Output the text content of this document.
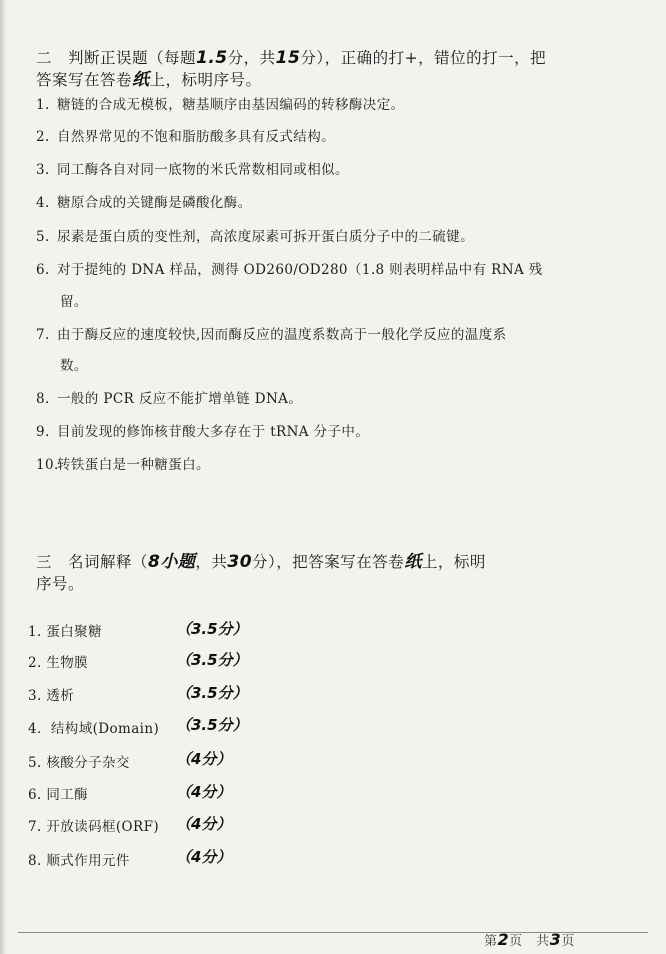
二　判断正误题（每题1.5分，共15分），正确的打+，错位的打一，把
答案写在答卷纸上，标明序号。
1. 糖链的合成无模板，糖基顺序由基因编码的转移酶决定。
2. 自然界常见的不饱和脂肪酸多具有反式结构。
3. 同工酶各自对同一底物的米氏常数相同或相似。
4. 糖原合成的关键酶是磷酸化酶。
5. 尿素是蛋白质的变性剂，高浓度尿素可拆开蛋白质分子中的二硫键。
6. 对于提纯的 DNA 样品，测得 OD260/OD280（1.8 则表明样品中有 RNA 残
留。
7. 由于酶反应的速度较快,因而酶反应的温度系数高于一般化学反应的温度系
数。
8. 一般的 PCR 反应不能扩增单链 DNA。
9. 目前发现的修饰核苷酸大多存在于 tRNA 分子中。
10.转铁蛋白是一种糖蛋白。
三　名词解释（8小题，共30分），把答案写在答卷纸上，标明
序号。
1. 蛋白聚糖	（3.5分）
2. 生物膜	（3.5分）
3. 透析	（3.5分）
4．结构域(Domain)	（3.5分）
5. 核酸分子杂交	（4分）
6. 同工酶	（4分）
7. 开放读码框(ORF)	（4分）
8. 顺式作用元件	（4分）
第2页　共3页
